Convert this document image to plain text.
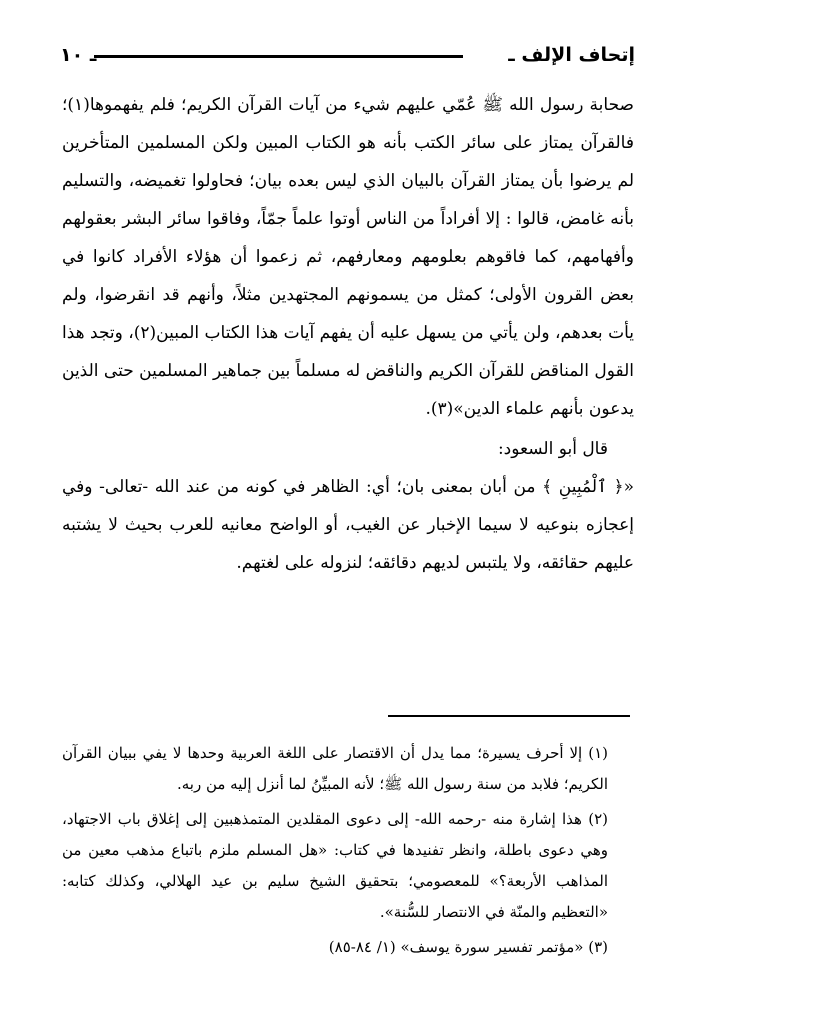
إتحاف الإلف ـ
ـ ١٠

صحابة رسول الله ﷺ عُمّي عليهم شيء من آيات القرآن الكريم؛ فلم يفهموها(١)؛ فالقرآن يمتاز على سائر الكتب بأنه هو الكتاب المبين ولكن المسلمين المتأخرين لم يرضوا بأن يمتاز القرآن بالبيان الذي ليس بعده بيان؛ فحاولوا تغميضه، والتسليم بأنه غامض، قالوا : إلا أفراداً من الناس أوتوا علماً جمّاً، وفاقوا سائر البشر بعقولهم وأفهامهم، كما فاقوهم بعلومهم ومعارفهم، ثم زعموا أن هؤلاء الأفراد كانوا في بعض القرون الأولى؛ كمثل من يسمونهم المجتهدين مثلاً، وأنهم قد انقرضوا، ولم يأت بعدهم، ولن يأتي من يسهل عليه أن يفهم آيات هذا الكتاب المبين(٢)، وتجد هذا القول المناقض للقرآن الكريم والناقض له مسلماً بين جماهير المسلمين حتى الذين يدعون بأنهم علماء الدين»(٣).

قال أبو السعود:

«﴿ ٱلْمُبِينِ ﴾ من أبان بمعنى بان؛ أي: الظاهر في كونه من عند الله -تعالى- وفي إعجازه بنوعيه لا سيما الإخبار عن الغيب، أو الواضح معانيه للعرب بحيث لا يشتبه عليهم حقائقه، ولا يلتبس لديهم دقائقه؛ لنزوله على لغتهم.

(١) إلا أحرف يسيرة؛ مما يدل أن الاقتصار على اللغة العربية وحدها لا يفي ببيان القرآن الكريم؛ فلابد من سنة رسول الله ﷺ؛ لأنه المبيِّنُ لما أنزل إليه من ربه.

(٢) هذا إشارة منه -رحمه الله- إلى دعوى المقلدين المتمذهبين إلى إغلاق باب الاجتهاد، وهي دعوى باطلة، وانظر تفنيدها في كتاب: «هل المسلم ملزم باتباع مذهب معين من المذاهب الأربعة؟» للمعصومي؛ بتحقيق الشيخ سليم بن عيد الهلالي، وكذلك كتابه: «التعظيم والمنّة في الانتصار للسُّنة».

(٣) «مؤتمر تفسير سورة يوسف» (١/ ٨٤-٨٥)
